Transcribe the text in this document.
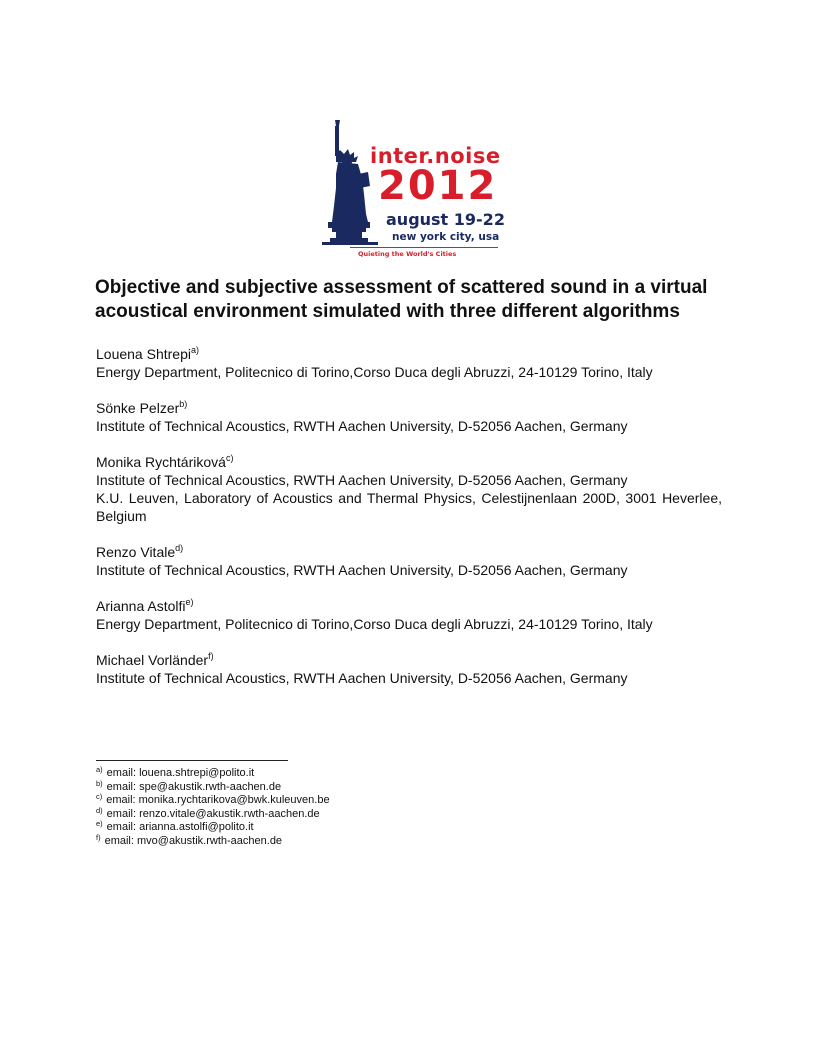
inter.noise
2012
august 19-22
new york city, usa
Quieting the World's Cities
Objective and subjective assessment of scattered sound in a virtual acoustical environment simulated with three different algorithms
Louena Shtrepi$^{a)}$
Energy Department, Politecnico di Torino,Corso Duca degli Abruzzi, 24-10129 Torino, Italy
Sönke Pelzer$^{b)}$
Institute of Technical Acoustics, RWTH Aachen University, D-52056 Aachen, Germany
Monika Rychtáriková$^{c)}$
Institute of Technical Acoustics, RWTH Aachen University, D-52056 Aachen, Germany
K.U. Leuven, Laboratory of Acoustics and Thermal Physics, Celestijnenlaan 200D, 3001 Heverlee, Belgium
Renzo Vitale$^{d)}$
Institute of Technical Acoustics, RWTH Aachen University, D-52056 Aachen, Germany
Arianna Astolfi$^{e)}$
Energy Department, Politecnico di Torino,Corso Duca degli Abruzzi, 24-10129 Torino, Italy
Michael Vorländer$^{f)}$
Institute of Technical Acoustics, RWTH Aachen University, D-52056 Aachen, Germany
$^{a)}$ email: louena.shtrepi@polito.it
$^{b)}$ email: spe@akustik.rwth-aachen.de
$^{c)}$ email: monika.rychtarikova@bwk.kuleuven.be
$^{d)}$ email: renzo.vitale@akustik.rwth-aachen.de
$^{e)}$ email: arianna.astolfi@polito.it
$^{f)}$ email: mvo@akustik.rwth-aachen.de
